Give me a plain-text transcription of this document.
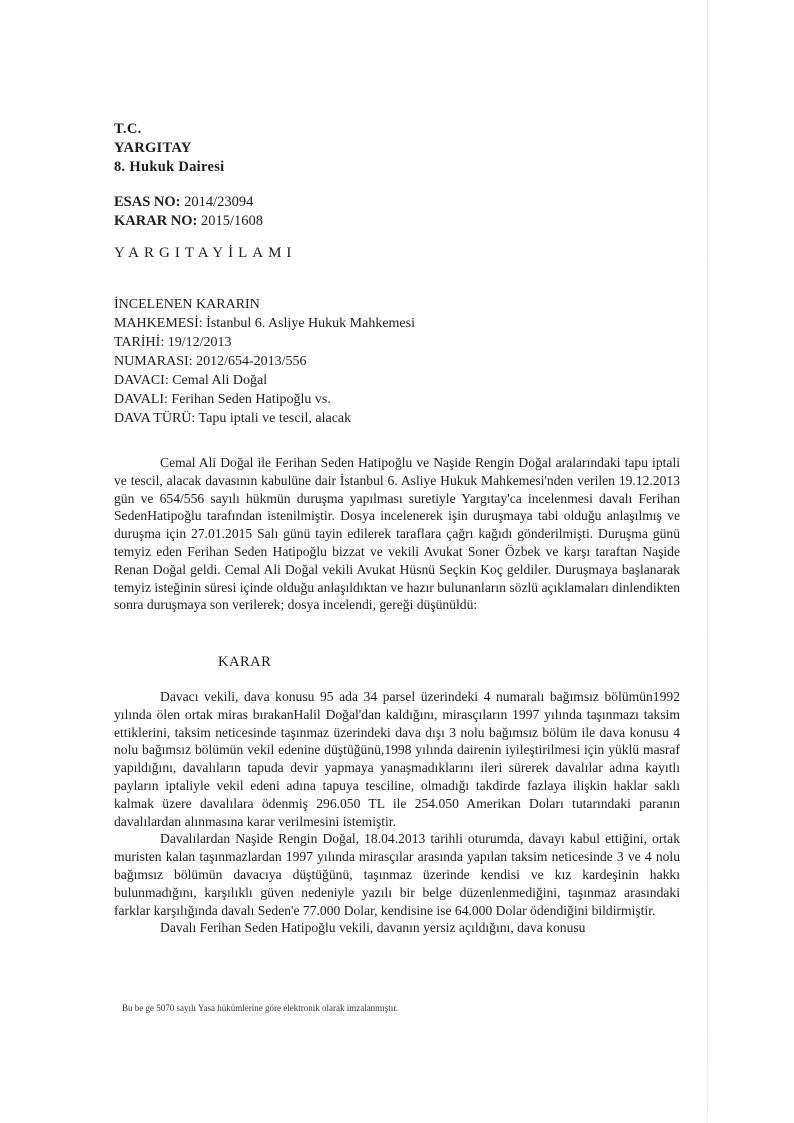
T.C.
YARGITAY
8. Hukuk Dairesi
ESAS NO: 2014/23094
KARAR NO: 2015/1608
YARGITAYİLAMI
İNCELENEN KARARIN
MAHKEMESİ: İstanbul 6. Asliye Hukuk Mahkemesi
TARİHİ: 19/12/2013
NUMARASI: 2012/654-2013/556
DAVACI: Cemal Ali Doğal
DAVALI: Ferihan Seden Hatipoğlu vs.
DAVA TÜRÜ: Tapu iptali ve tescil, alacak

Cemal Ali Doğal ile Ferihan Seden Hatipoğlu ve Naşide Rengin Doğal aralarındaki tapu iptali ve tescil, alacak davasının kabulüne dair İstanbul 6. Asliye Hukuk Mahkemesi'nden verilen 19.12.2013 gün ve 654/556 sayılı hükmün duruşma yapılması suretiyle Yargıtay'ca incelenmesi davalı Ferihan SedenHatipoğlu tarafından istenilmiştir. Dosya incelenerek işin duruşmaya tabi olduğu anlaşılmış ve duruşma için 27.01.2015 Salı günü tayin edilerek taraflara çağrı kağıdı gönderilmişti. Duruşma günü temyiz eden Ferihan Seden Hatipoğlu bizzat ve vekili Avukat Soner Özbek ve karşı taraftan Naşide Renan Doğal geldi. Cemal Ali Doğal vekili Avukat Hüsnü Seçkin Koç geldiler. Duruşmaya başlanarak temyiz isteğinin süresi içinde olduğu anlaşıldıktan ve hazır bulunanların sözlü açıklamaları dinlendikten sonra duruşmaya son verilerek; dosya incelendi, gereği düşünüldü:

KARAR

Davacı vekili, dava konusu 95 ada 34 parsel üzerindeki 4 numaralı bağımsız bölümün1992 yılında ölen ortak miras bırakanHalil Doğal'dan kaldığını, mirasçıların 1997 yılında taşınmazı taksim ettiklerini, taksim neticesinde taşınmaz üzerindeki dava dışı 3 nolu bağımsız bölüm ile dava konusu 4 nolu bağımsız bölümün vekil edenine düştüğünü,1998 yılında dairenin iyileştirilmesi için yüklü masraf yapıldığını, davalıların tapuda devir yapmaya yanaşmadıklarını ileri sürerek davalılar adına kayıtlı payların iptaliyle vekil edeni adına tapuya tesciline, olmadığı takdirde fazlaya ilişkin haklar saklı kalmak üzere davalılara ödenmiş 296.050 TL ile 254.050 Amerikan Doları tutarındaki paranın davalılardan alınmasına karar verilmesini istemiştir.

Davalılardan Naşide Rengin Doğal, 18.04.2013 tarihli oturumda, davayı kabul ettiğini, ortak muristen kalan taşınmazlardan 1997 yılında mirasçılar arasında yapılan taksim neticesinde 3 ve 4 nolu bağımsız bölümün davacıya düştüğünü, taşınmaz üzerinde kendisi ve kız kardeşinin hakkı bulunmadığını, karşılıklı güven nedeniyle yazılı bir belge düzenlenmediğini, taşınmaz arasındaki farklar karşılığında davalı Seden'e 77.000 Dolar, kendisine ise 64.000 Dolar ödendiğini bildirmiştir.

Davalı Ferihan Seden Hatipoğlu vekili, davanın yersiz açıldığını, dava konusu

Bu be ge 5070 sayılı Yasa hükümlerine göre elektronik olarak imzalanmıştır.
